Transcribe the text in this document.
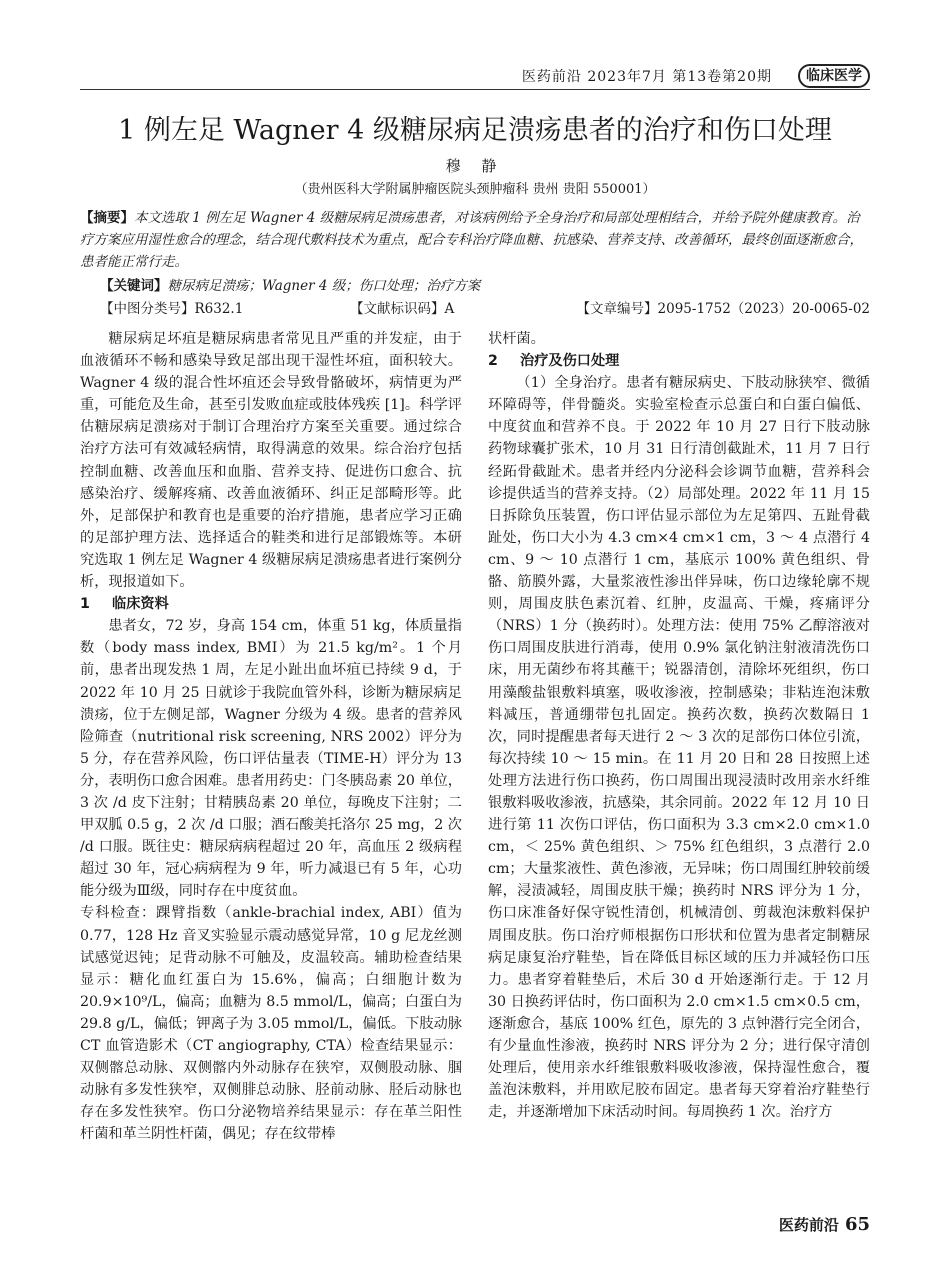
医药前沿 2023年7月 第13卷第20期	临床医学
1 例左足 Wagner 4 级糖尿病足溃疡患者的治疗和伤口处理
穆 静
（贵州医科大学附属肿瘤医院头颈肿瘤科 贵州 贵阳 550001）
【摘要】本文选取 1 例左足 Wagner 4 级糖尿病足溃疡患者，对该病例给予全身治疗和局部处理相结合，并给予院外健康教育。治疗方案应用湿性愈合的理念，结合现代敷料技术为重点，配合专科治疗降血糖、抗感染、营养支持、改善循环，最终创面逐渐愈合，患者能正常行走。
【关键词】糖尿病足溃疡；Wagner 4 级；伤口处理；治疗方案
【中图分类号】R632.1	【文献标识码】A	【文章编号】2095-1752（2023）20-0065-02

糖尿病足坏疽是糖尿病患者常见且严重的并发症，由于血液循环不畅和感染导致足部出现干湿性坏疽，面积较大。Wagner 4 级的混合性坏疽还会导致骨骼破坏，病情更为严重，可能危及生命，甚至引发败血症或肢体残疾 [1]。科学评估糖尿病足溃疡对于制订合理治疗方案至关重要。通过综合治疗方法可有效减轻病情，取得满意的效果。综合治疗包括控制血糖、改善血压和血脂、营养支持、促进伤口愈合、抗感染治疗、缓解疼痛、改善血液循环、纠正足部畸形等。此外，足部保护和教育也是重要的治疗措施，患者应学习正确的足部护理方法、选择适合的鞋类和进行足部锻炼等。本研究选取 1 例左足 Wagner 4 级糖尿病足溃疡患者进行案例分析，现报道如下。

1 临床资料

患者女，72 岁，身高 154 cm，体重 51 kg，体质量指数（body mass index, BMI）为 21.5 kg/m²。1 个月前，患者出现发热 1 周，左足小趾出血坏疽已持续 9 d，于 2022 年 10 月 25 日就诊于我院血管外科，诊断为糖尿病足溃疡，位于左侧足部，Wagner 分级为 4 级。患者的营养风险筛查（nutritional risk screening, NRS 2002）评分为 5 分，存在营养风险，伤口评估量表（TIME-H）评分为 13 分，表明伤口愈合困难。患者用药史：门冬胰岛素 20 单位，3 次 /d 皮下注射；甘精胰岛素 20 单位，每晚皮下注射；二甲双胍 0.5 g，2 次 /d 口服；酒石酸美托洛尔 25 mg，2 次 /d 口服。既往史：糖尿病病程超过 20 年，高血压 2 级病程超过 30 年，冠心病病程为 9 年，听力减退已有 5 年，心功能分级为Ⅲ级，同时存在中度贫血。

专科检查：踝臂指数（ankle-brachial index, ABI）值为 0.77，128 Hz 音叉实验显示震动感觉异常，10 g 尼龙丝测试感觉迟钝；足背动脉不可触及，皮温较高。辅助检查结果显示：糖化血红蛋白为 15.6%，偏高；白细胞计数为 20.9×10⁹/L，偏高；血糖为 8.5 mmol/L，偏高；白蛋白为 29.8 g/L，偏低；钾离子为 3.05 mmol/L，偏低。下肢动脉 CT 血管造影术（CT angiography, CTA）检查结果显示：双侧髂总动脉、双侧髂内外动脉存在狭窄，双侧股动脉、腘动脉有多发性狭窄，双侧腓总动脉、胫前动脉、胫后动脉也存在多发性狭窄。伤口分泌物培养结果显示：存在革兰阳性杆菌和革兰阴性杆菌，偶见；存在纹带棒

状杆菌。

2 治疗及伤口处理

（1）全身治疗。患者有糖尿病史、下肢动脉狭窄、微循环障碍等，伴骨髓炎。实验室检查示总蛋白和白蛋白偏低、中度贫血和营养不良。于 2022 年 10 月 27 日行下肢动脉药物球囊扩张术，10 月 31 日行清创截趾术，11 月 7 日行经跖骨截趾术。患者并经内分泌科会诊调节血糖，营养科会诊提供适当的营养支持。（2）局部处理。2022 年 11 月 15 日拆除负压装置，伤口评估显示部位为左足第四、五趾骨截趾处，伤口大小为 4.3 cm×4 cm×1 cm，3 ～ 4 点潜行 4 cm、9 ～ 10 点潜行 1 cm，基底示 100% 黄色组织、骨骼、筋膜外露，大量浆液性渗出伴异味，伤口边缘轮廓不规则，周围皮肤色素沉着、红肿，皮温高、干燥，疼痛评分（NRS）1 分（换药时）。处理方法：使用 75% 乙醇溶液对伤口周围皮肤进行消毒，使用 0.9% 氯化钠注射液清洗伤口床，用无菌纱布将其蘸干；锐器清创，清除坏死组织，伤口用藻酸盐银敷料填塞，吸收渗液，控制感染；非粘连泡沫敷料减压，普通绷带包扎固定。换药次数，换药次数隔日 1 次，同时提醒患者每天进行 2 ～ 3 次的足部伤口体位引流，每次持续 10 ～ 15 min。在 11 月 20 日和 28 日按照上述处理方法进行伤口换药，伤口周围出现浸渍时改用亲水纤维银敷料吸收渗液，抗感染，其余同前。2022 年 12 月 10 日进行第 11 次伤口评估，伤口面积为 3.3 cm×2.0 cm×1.0 cm，＜ 25% 黄色组织、＞ 75% 红色组织，3 点潜行 2.0 cm；大量浆液性、黄色渗液，无异味；伤口周围红肿较前缓解，浸渍减轻，周围皮肤干燥；换药时 NRS 评分为 1 分，伤口床准备好保守锐性清创，机械清创、剪裁泡沫敷料保护周围皮肤。伤口治疗师根据伤口形状和位置为患者定制糖尿病足康复治疗鞋垫，旨在降低目标区域的压力并减轻伤口压力。患者穿着鞋垫后，术后 30 d 开始逐渐行走。于 12 月 30 日换药评估时，伤口面积为 2.0 cm×1.5 cm×0.5 cm，逐渐愈合，基底 100% 红色，原先的 3 点钟潜行完全闭合，有少量血性渗液，换药时 NRS 评分为 2 分；进行保守清创处理后，使用亲水纤维银敷料吸收渗液，保持湿性愈合，覆盖泡沫敷料，并用欧尼胶布固定。患者每天穿着治疗鞋垫行走，并逐渐增加下床活动时间。每周换药 1 次。治疗方

医药前沿 65
